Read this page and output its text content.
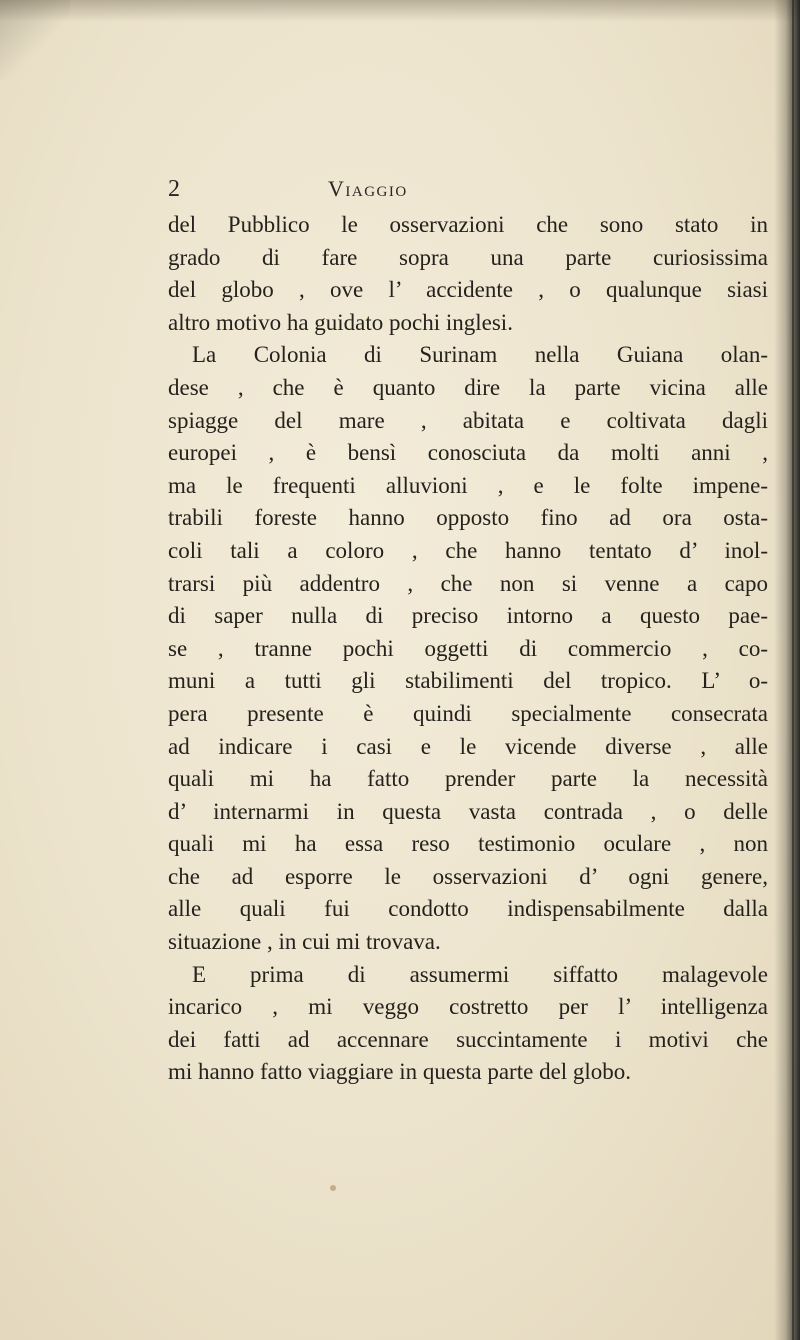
2	Viaggio
del Pubblico le osservazioni che sono stato in
grado di fare sopra una parte curiosissima
del globo , ove l’ accidente , o qualunque siasi
altro motivo ha guidato pochi inglesi.
La Colonia di Surinam nella Guiana olan-
dese , che è quanto dire la parte vicina alle
spiagge del mare , abitata e coltivata dagli
europei , è bensì conosciuta da molti anni ,
ma le frequenti alluvioni , e le folte impene-
trabili foreste hanno opposto fino ad ora osta-
coli tali a coloro , che hanno tentato d’ inol-
trarsi più addentro , che non si venne a capo
di saper nulla di preciso intorno a questo pae-
se , tranne pochi oggetti di commercio , co-
muni a tutti gli stabilimenti del tropico. L’ o-
pera presente è quindi specialmente consecrata
ad indicare i casi e le vicende diverse , alle
quali mi ha fatto prender parte la necessità
d’ internarmi in questa vasta contrada , o delle
quali mi ha essa reso testimonio oculare , non
che ad esporre le osservazioni d’ ogni genere,
alle quali fui condotto indispensabilmente dalla
situazione , in cui mi trovava.
E prima di assumermi siffatto malagevole
incarico , mi veggo costretto per l’ intelligenza
dei fatti ad accennare succintamente i motivi che
mi hanno fatto viaggiare in questa parte del globo.
